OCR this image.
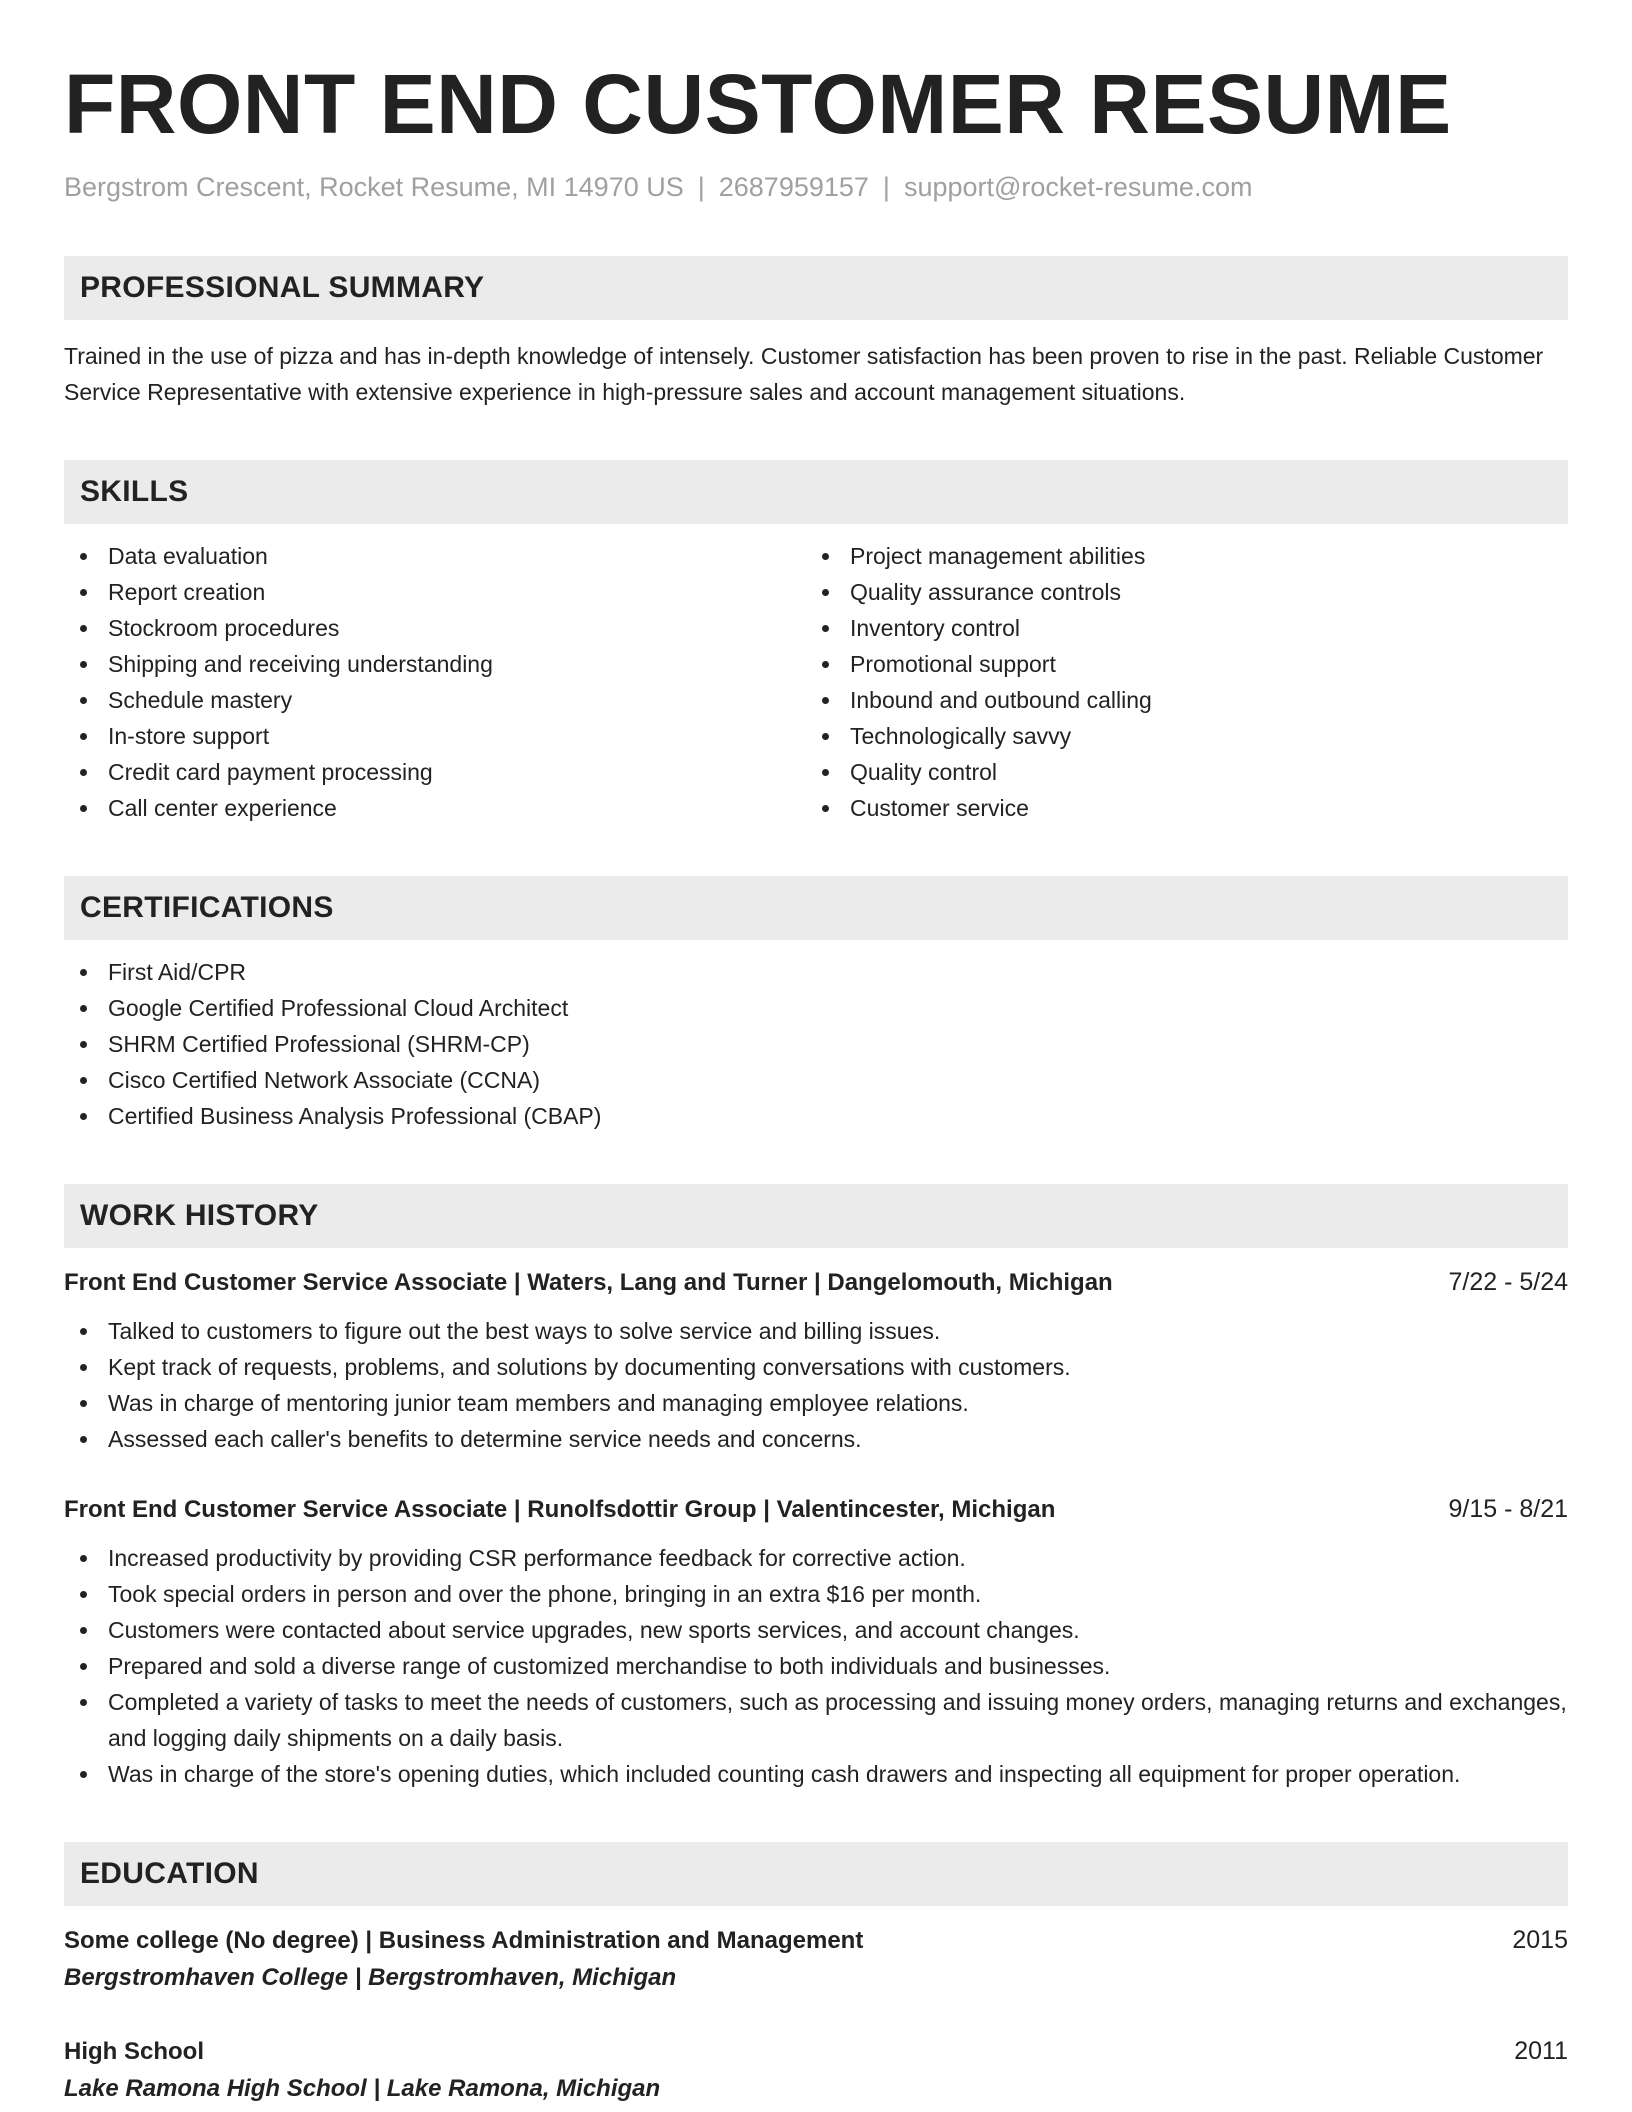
FRONT END CUSTOMER RESUME
Bergstrom Crescent, Rocket Resume, MI 14970 US | 2687959157 | support@rocket-resume.com
PROFESSIONAL SUMMARY

Trained in the use of pizza and has in-depth knowledge of intensely. Customer satisfaction has been proven to rise in the past. Reliable Customer Service Representative with extensive experience in high-pressure sales and account management situations.

SKILLS
Data evaluation
Report creation
Stockroom procedures
Shipping and receiving understanding
Schedule mastery
In-store support
Credit card payment processing
Call center experience
Project management abilities
Quality assurance controls
Inventory control
Promotional support
Inbound and outbound calling
Technologically savvy
Quality control
Customer service
CERTIFICATIONS
First Aid/CPR
Google Certified Professional Cloud Architect
SHRM Certified Professional (SHRM-CP)
Cisco Certified Network Associate (CCNA)
Certified Business Analysis Professional (CBAP)
WORK HISTORY
Front End Customer Service Associate | Waters, Lang and Turner | Dangelomouth, Michigan	7/22 - 5/24
Talked to customers to figure out the best ways to solve service and billing issues.
Kept track of requests, problems, and solutions by documenting conversations with customers.
Was in charge of mentoring junior team members and managing employee relations.
Assessed each caller's benefits to determine service needs and concerns.
Front End Customer Service Associate | Runolfsdottir Group | Valentincester, Michigan	9/15 - 8/21
Increased productivity by providing CSR performance feedback for corrective action.
Took special orders in person and over the phone, bringing in an extra $16 per month.
Customers were contacted about service upgrades, new sports services, and account changes.
Prepared and sold a diverse range of customized merchandise to both individuals and businesses.
Completed a variety of tasks to meet the needs of customers, such as processing and issuing money orders, managing returns and exchanges, and logging daily shipments on a daily basis.
Was in charge of the store's opening duties, which included counting cash drawers and inspecting all equipment for proper operation.
EDUCATION
Some college (No degree) | Business Administration and Management	2015
Bergstromhaven College | Bergstromhaven, Michigan
High School	2011
Lake Ramona High School | Lake Ramona, Michigan
